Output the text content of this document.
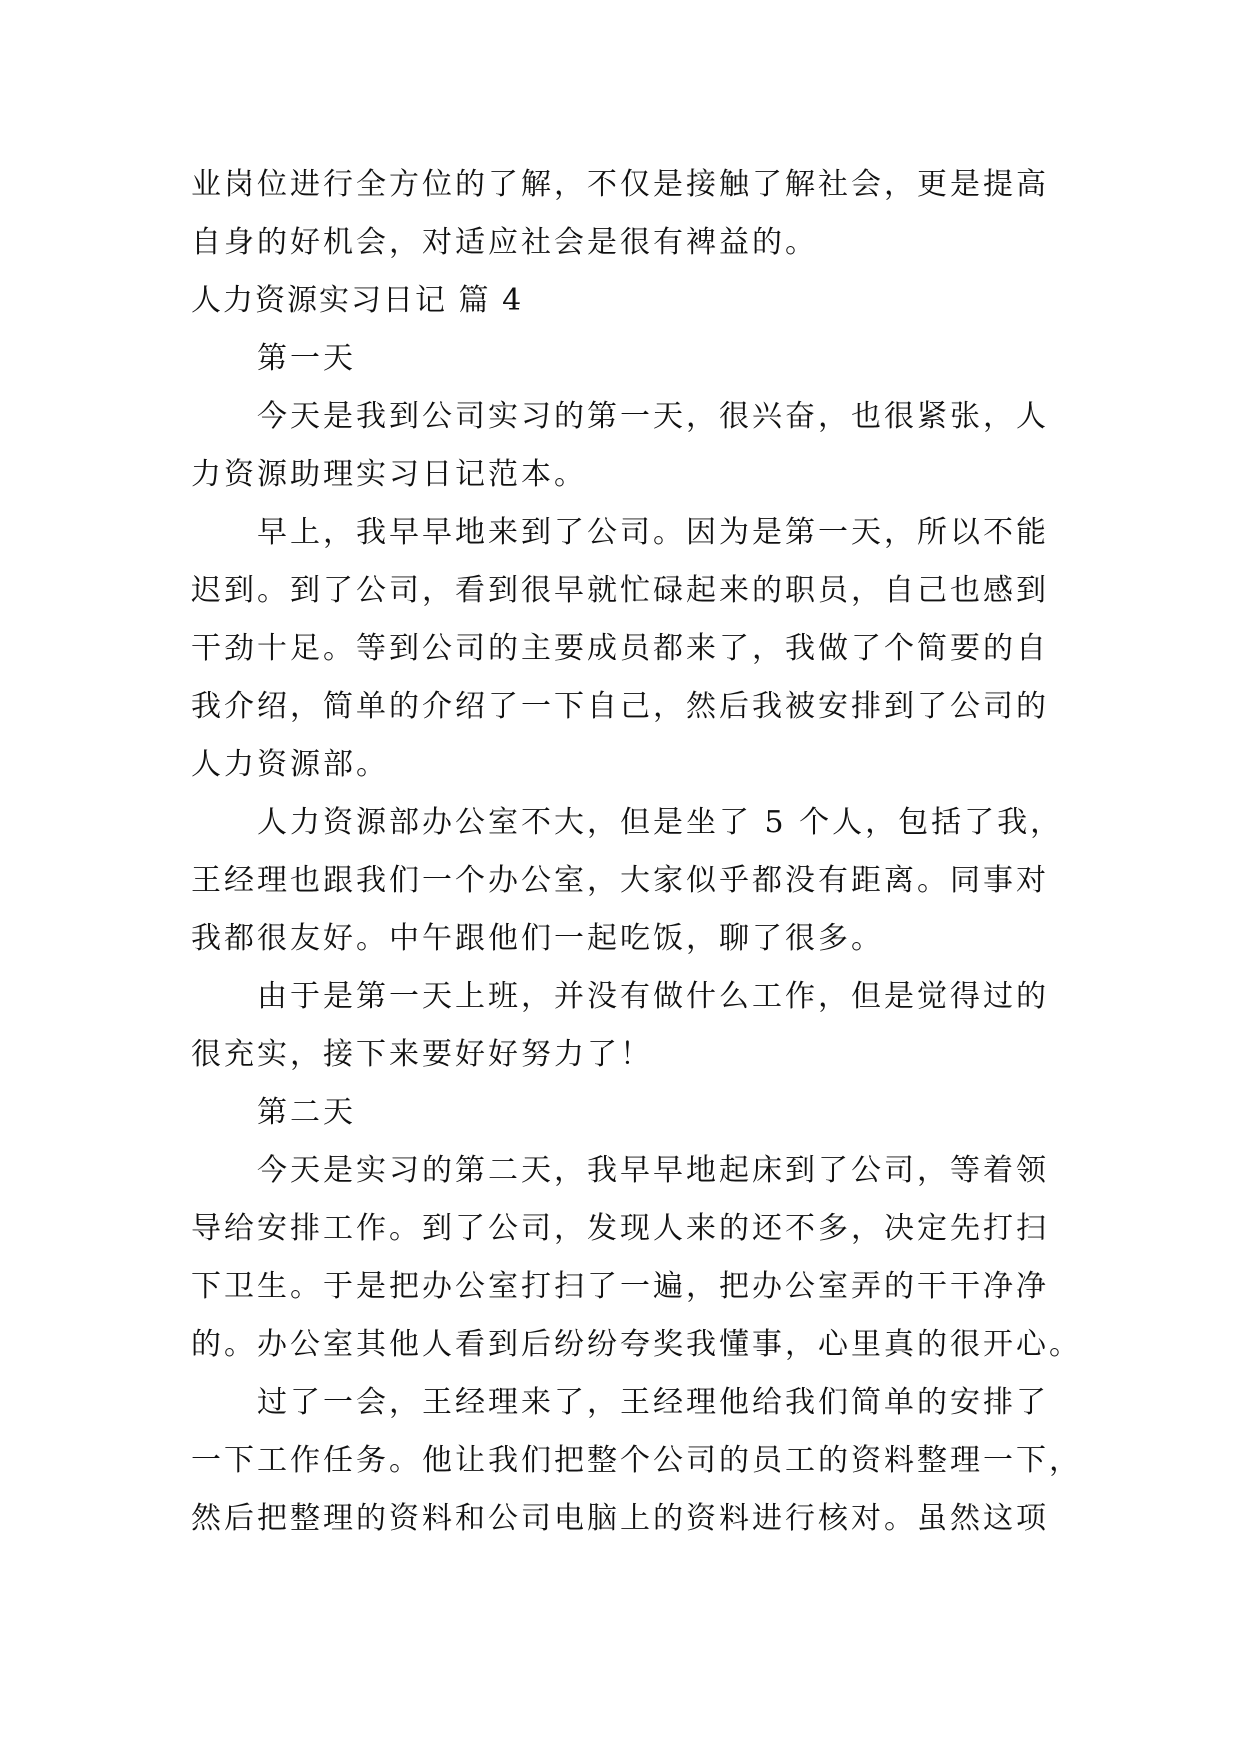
业岗位进行全方位的了解，不仅是接触了解社会，更是提高
自身的好机会，对适应社会是很有裨益的。
人力资源实习日记 篇 4
第一天
今天是我到公司实习的第一天，很兴奋，也很紧张，人
力资源助理实习日记范本。
早上，我早早地来到了公司。因为是第一天，所以不能
迟到。到了公司，看到很早就忙碌起来的职员，自己也感到
干劲十足。等到公司的主要成员都来了，我做了个简要的自
我介绍，简单的介绍了一下自己，然后我被安排到了公司的
人力资源部。
人力资源部办公室不大，但是坐了 5 个人，包括了我，
王经理也跟我们一个办公室，大家似乎都没有距离。同事对
我都很友好。中午跟他们一起吃饭，聊了很多。
由于是第一天上班，并没有做什么工作，但是觉得过的
很充实，接下来要好好努力了！
第二天
今天是实习的第二天，我早早地起床到了公司，等着领
导给安排工作。到了公司，发现人来的还不多，决定先打扫
下卫生。于是把办公室打扫了一遍，把办公室弄的干干净净
的。办公室其他人看到后纷纷夸奖我懂事，心里真的很开心。
过了一会，王经理来了，王经理他给我们简单的安排了
一下工作任务。他让我们把整个公司的员工的资料整理一下，
然后把整理的资料和公司电脑上的资料进行核对。虽然这项
